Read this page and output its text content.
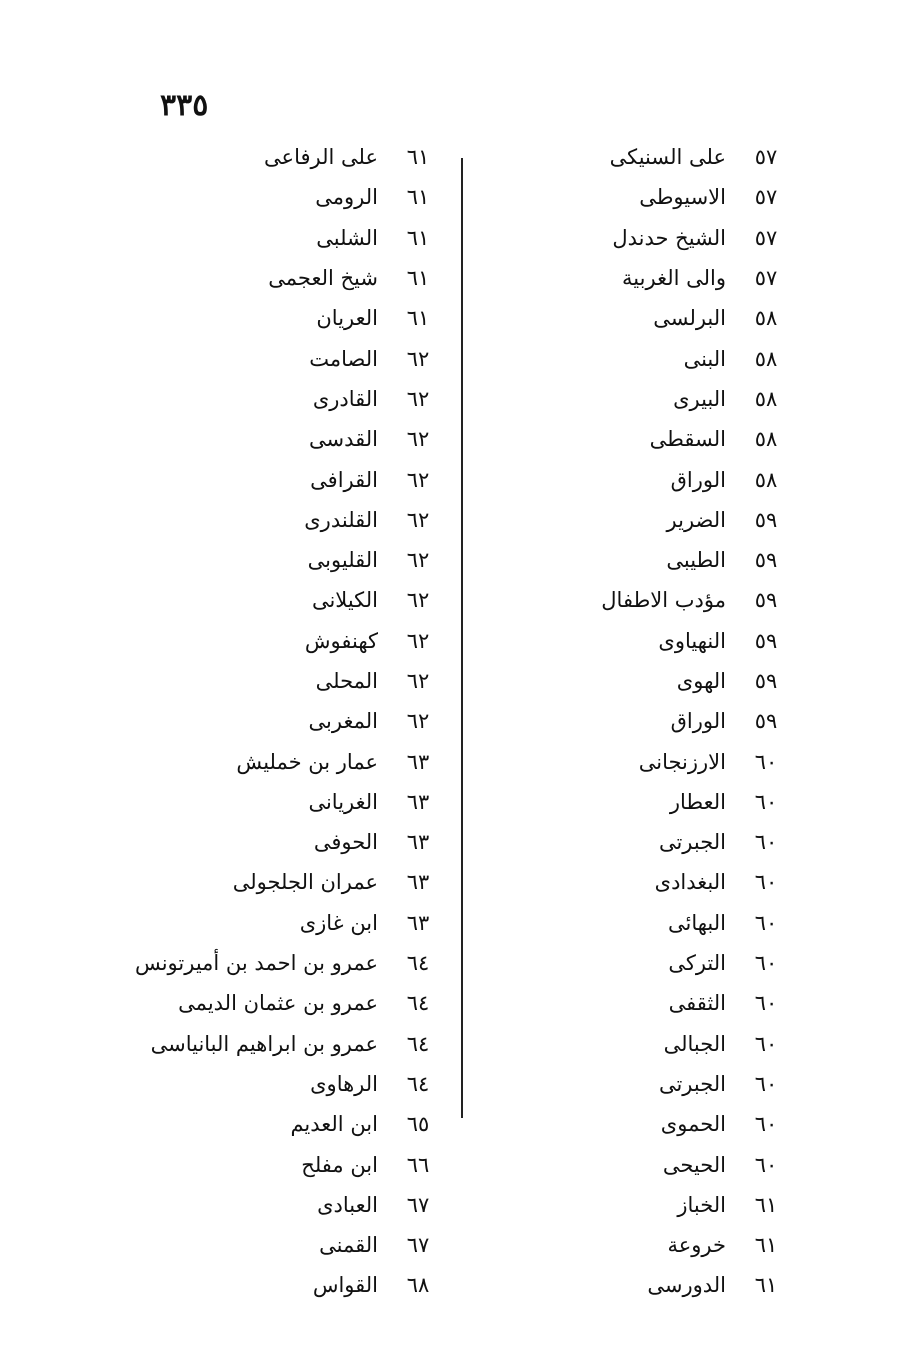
٣٣٥
٥٧
على السنيكى
٥٧
الاسيوطى
٥٧
الشيخ حدندل
٥٧
والى الغربية
٥٨
البرلسى
٥٨
البنى
٥٨
البيرى
٥٨
السقطى
٥٨
الوراق
٥٩
الضرير
٥٩
الطيبى
٥٩
مؤدب الاطفال
٥٩
النهياوى
٥٩
الهوى
٥٩
الوراق
٦٠
الارزنجانى
٦٠
العطار
٦٠
الجبرتى
٦٠
البغدادى
٦٠
البهائى
٦٠
التركى
٦٠
الثقفى
٦٠
الجبالى
٦٠
الجبرتى
٦٠
الحموى
٦٠
الحيحى
٦١
الخباز
٦١
خروعة
٦١
الدورسى
٦١
على الرفاعى
٦١
الرومى
٦١
الشلبى
٦١
شيخ العجمى
٦١
العريان
٦٢
الصامت
٦٢
القادرى
٦٢
القدسى
٦٢
القرافى
٦٢
القلندرى
٦٢
القليوبى
٦٢
الكيلانى
٦٢
كهنفوش
٦٢
المحلى
٦٢
المغربى
٦٣
عمار بن خمليش
٦٣
الغريانى
٦٣
الحوفى
٦٣
عمران الجلجولى
٦٣
ابن غازى
٦٤
عمرو بن احمد بن أميرتونس
٦٤
عمرو بن عثمان الديمى
٦٤
عمرو بن ابراهيم البانياسى
٦٤
الرهاوى
٦٥
ابن العديم
٦٦
ابن مفلح
٦٧
العبادى
٦٧
القمنى
٦٨
القواس
